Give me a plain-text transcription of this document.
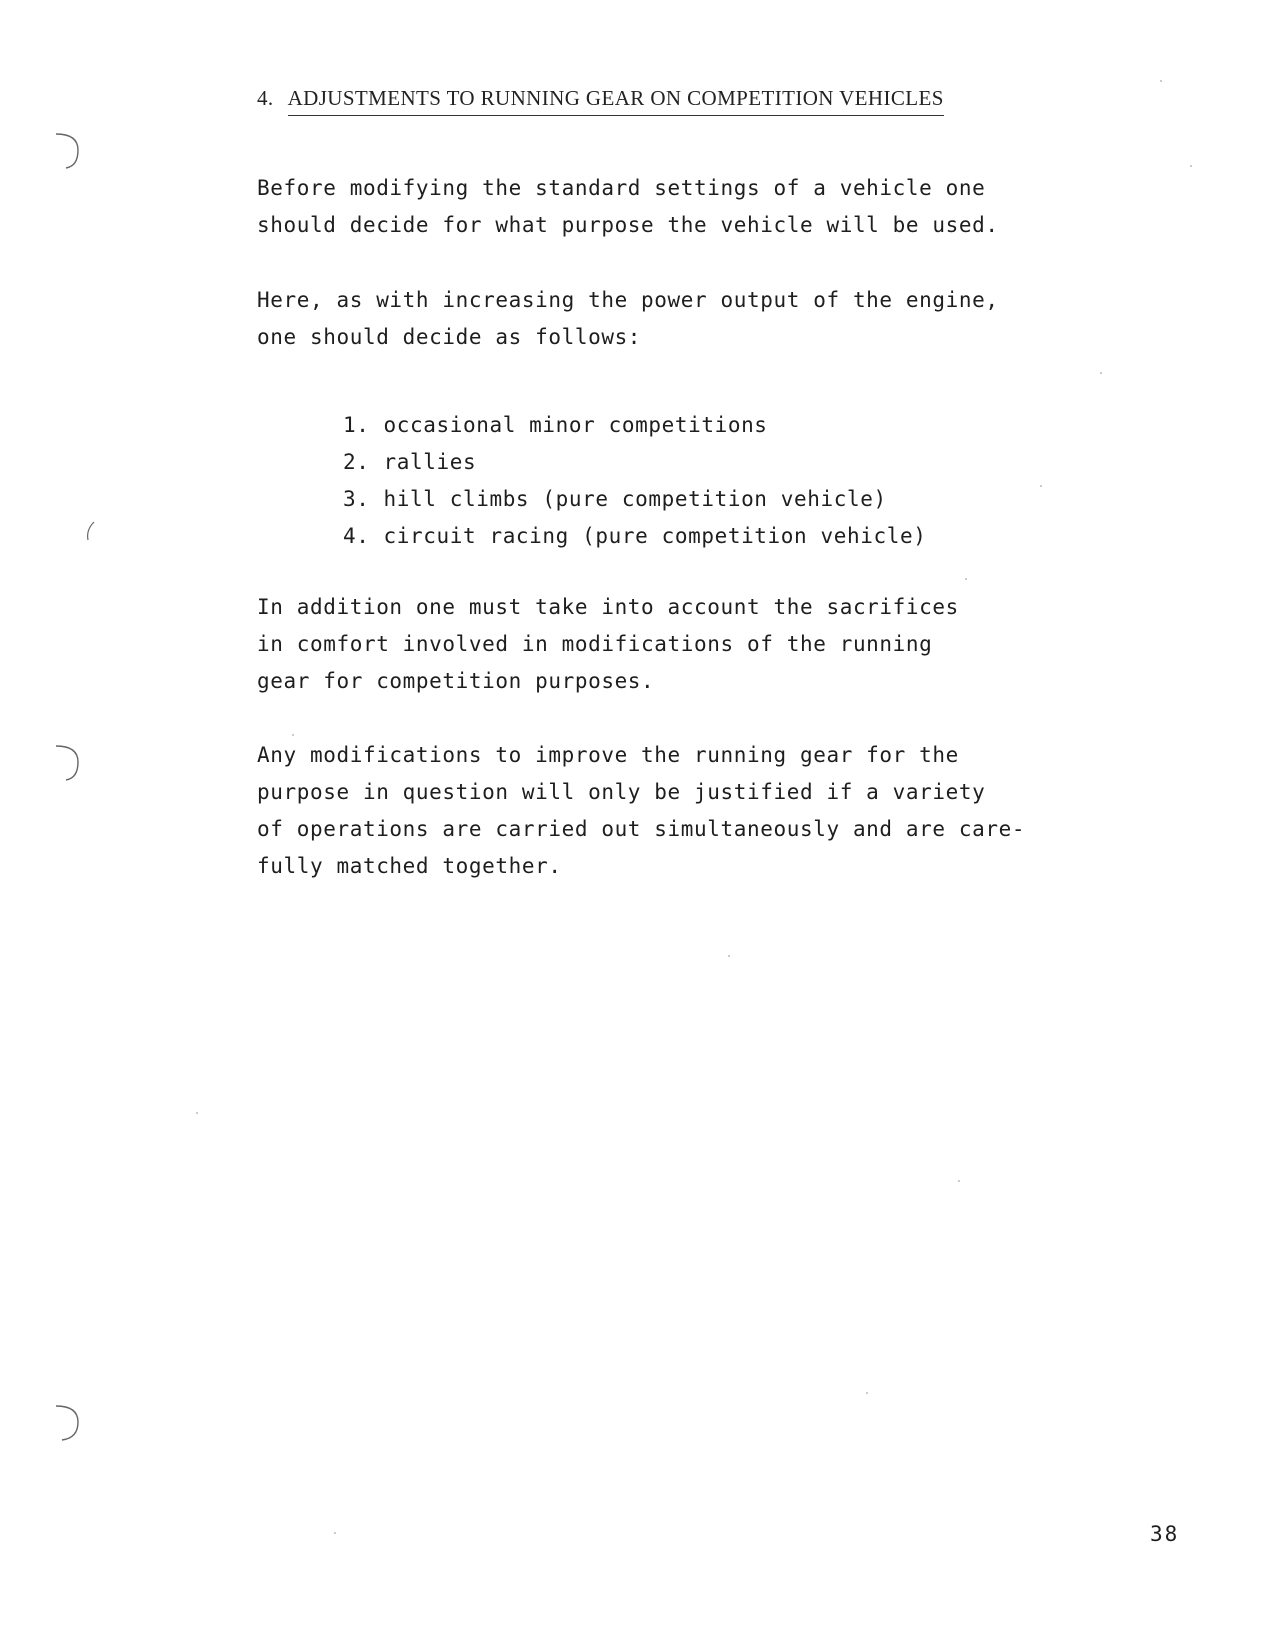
4. ADJUSTMENTS TO RUNNING GEAR ON COMPETITION VEHICLES
Before modifying the standard settings of a vehicle one
should decide for what purpose the vehicle will be used.
Here, as with increasing the power output of the engine,
one should decide as follows:
1. occasional minor competitions
2. rallies
3. hill climbs (pure competition vehicle)
4. circuit racing (pure competition vehicle)
In addition one must take into account the sacrifices
in comfort involved in modifications of the running
gear for competition purposes.
Any modifications to improve the running gear for the
purpose in question will only be justified if a variety
of operations are carried out simultaneously and are care-
fully matched together.
38
